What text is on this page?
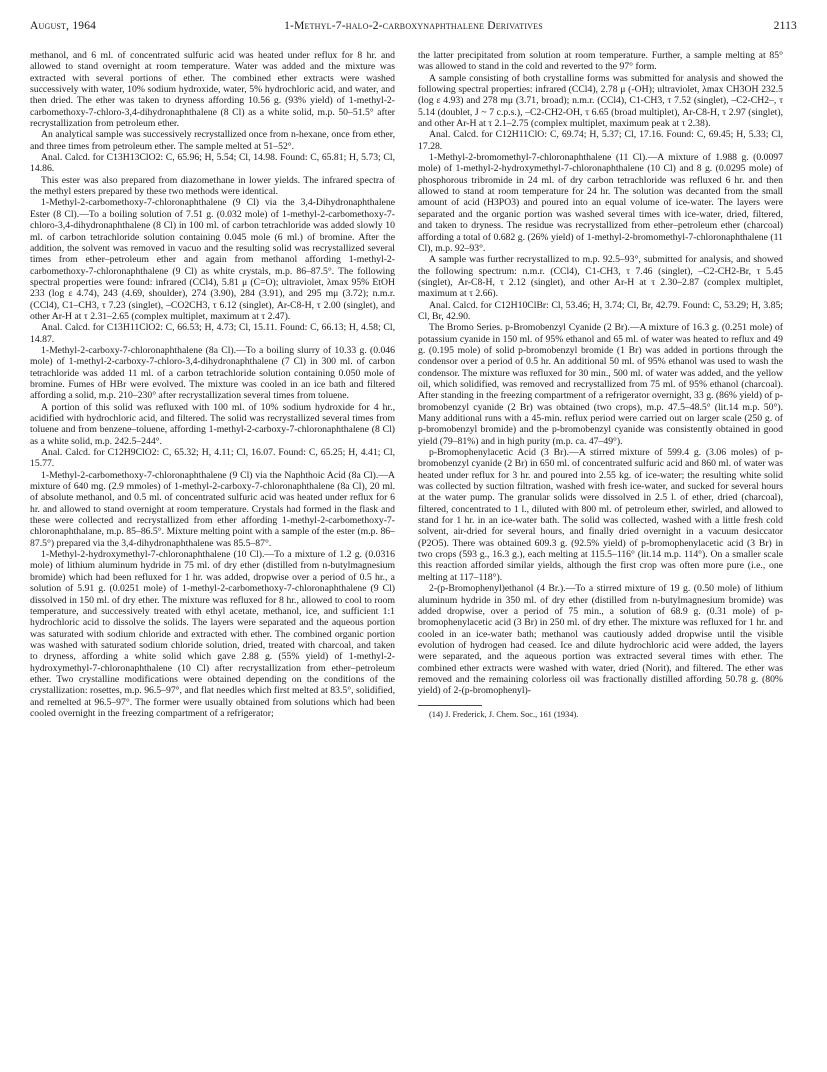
August, 1964	1-Methyl-7-halo-2-carboxynaphthalene Derivatives	2113

methanol, and 6 ml. of concentrated sulfuric acid was heated under reflux for 8 hr. and allowed to stand overnight at room temperature. Water was added and the mixture was extracted with several portions of ether. The combined ether extracts were washed successively with water, 10% sodium hydroxide, water, 5% hydrochloric acid, and water, and then dried. The ether was taken to dryness affording 10.56 g. (93% yield) of 1-methyl-2-carbomethoxy-7-chloro-3,4-dihydronaphthalene (8 Cl) as a white solid, m.p. 50–51.5° after recrystallization from petroleum ether.

An analytical sample was successively recrystallized once from n-hexane, once from ether, and three times from petroleum ether. The sample melted at 51–52°.

Anal. Calcd. for C13H13ClO2: C, 65.96; H, 5.54; Cl, 14.98. Found: C, 65.81; H, 5.73; Cl, 14.86.

This ester was also prepared from diazomethane in lower yields. The infrared spectra of the methyl esters prepared by these two methods were identical.

1-Methyl-2-carbomethoxy-7-chloronaphthalene (9 Cl) via the 3,4-Dihydronaphthalene Ester (8 Cl).—To a boiling solution of 7.51 g. (0.032 mole) of 1-methyl-2-carbomethoxy-7-chloro-3,4-dihydronaphthalene (8 Cl) in 100 ml. of carbon tetrachloride was added slowly 10 ml. of carbon tetrachloride solution containing 0.045 mole (6 ml.) of bromine. After the addition, the solvent was removed in vacuo and the resulting solid was recrystallized several times from ether–petroleum ether and again from methanol affording 1-methyl-2-carbomethoxy-7-chloronaphthalene (9 Cl) as white crystals, m.p. 86–87.5°. The following spectral properties were found: infrared (CCl4), 5.81 μ (C=O); ultraviolet, λmax 95% EtOH 233 (log ε 4.74), 243 (4.69, shoulder), 274 (3.90), 284 (3.91), and 295 mμ (3.72); n.m.r. (CCl4), C1–CH3, τ 7.23 (singlet), –CO2CH3, τ 6.12 (singlet), Ar-C8-H, τ 2.00 (singlet), and other Ar-H at τ 2.31–2.65 (complex multiplet, maximum at τ 2.47).

Anal. Calcd. for C13H11ClO2: C, 66.53; H, 4.73; Cl, 15.11. Found: C, 66.13; H, 4.58; Cl, 14.87.

1-Methyl-2-carboxy-7-chloronaphthalene (8a Cl).—To a boiling slurry of 10.33 g. (0.046 mole) of 1-methyl-2-carboxy-7-chloro-3,4-dihydronaphthalene (7 Cl) in 300 ml. of carbon tetrachloride was added 11 ml. of a carbon tetrachloride solution containing 0.050 mole of bromine. Fumes of HBr were evolved. The mixture was cooled in an ice bath and filtered affording a solid, m.p. 210–230° after recrystallization several times from toluene.

A portion of this solid was refluxed with 100 ml. of 10% sodium hydroxide for 4 hr., acidified with hydrochloric acid, and filtered. The solid was recrystallized several times from toluene and from benzene–toluene, affording 1-methyl-2-carboxy-7-chloronaphthalene (8 Cl) as a white solid, m.p. 242.5–244°.

Anal. Calcd. for C12H9ClO2: C, 65.32; H, 4.11; Cl, 16.07. Found: C, 65.25; H, 4.41; Cl, 15.77.

1-Methyl-2-carbomethoxy-7-chloronaphthalene (9 Cl) via the Naphthoic Acid (8a Cl).—A mixture of 640 mg. (2.9 mmoles) of 1-methyl-2-carboxy-7-chloronaphthalene (8a Cl), 20 ml. of absolute methanol, and 0.5 ml. of concentrated sulfuric acid was heated under reflux for 6 hr. and allowed to stand overnight at room temperature. Crystals had formed in the flask and these were collected and recrystallized from ether affording 1-methyl-2-carbomethoxy-7-chloronaphthalane, m.p. 85–86.5°. Mixture melting point with a sample of the ester (m.p. 86–87.5°) prepared via the 3,4-dihydronaphthalene was 85.5–87°.

1-Methyl-2-hydroxymethyl-7-chloronaphthalene (10 Cl).—To a mixture of 1.2 g. (0.0316 mole) of lithium aluminum hydride in 75 ml. of dry ether (distilled from n-butylmagnesium bromide) which had been refluxed for 1 hr. was added, dropwise over a period of 0.5 hr., a solution of 5.91 g. (0.0251 mole) of 1-methyl-2-carbomethoxy-7-chloronaphthalene (9 Cl) dissolved in 150 ml. of dry ether. The mixture was refluxed for 8 hr., allowed to cool to room temperature, and successively treated with ethyl acetate, methanol, ice, and sufficient 1:1 hydrochloric acid to dissolve the solids. The layers were separated and the aqueous portion was saturated with sodium chloride and extracted with ether. The combined organic portion was washed with saturated sodium chloride solution, dried, treated with charcoal, and taken to dryness, affording a white solid which gave 2.88 g. (55% yield) of 1-methyl-2-hydroxymethyl-7-chloronaphthalene (10 Cl) after recrystallization from ether–petroleum ether. Two crystalline modifications were obtained depending on the conditions of the crystallization: rosettes, m.p. 96.5–97°, and flat needles which first melted at 83.5°, solidified, and remelted at 96.5–97°. The former were usually obtained from solutions which had been cooled overnight in the freezing compartment of a refrigerator;

the latter precipitated from solution at room temperature. Further, a sample melting at 85° was allowed to stand in the cold and reverted to the 97° form.

A sample consisting of both crystalline forms was submitted for analysis and showed the following spectral properties: infrared (CCl4), 2.78 μ (-OH); ultraviolet, λmax CH3OH 232.5 (log ε 4.93) and 278 mμ (3.71, broad); n.m.r. (CCl4), C1-CH3, τ 7.52 (singlet), –C2-CH2–, τ 5.14 (doublet, J ~ 7 c.p.s.), –C2-CH2-OH, τ 6.65 (broad multiplet), Ar-C8-H, τ 2.97 (singlet), and other Ar-H at τ 2.1–2.75 (complex multiplet, maximum peak at τ 2.38).

Anal. Calcd. for C12H11ClO: C, 69.74; H, 5.37; Cl, 17.16. Found: C, 69.45; H, 5.33; Cl, 17.28.

1-Methyl-2-bromomethyl-7-chloronaphthalene (11 Cl).—A mixture of 1.988 g. (0.0097 mole) of 1-methyl-2-hydroxymethyl-7-chloronaphthalene (10 Cl) and 8 g. (0.0295 mole) of phosphorous tribromide in 24 ml. of dry carbon tetrachloride was refluxed 6 hr. and then allowed to stand at room temperature for 24 hr. The solution was decanted from the small amount of acid (H3PO3) and poured into an equal volume of ice-water. The layers were separated and the organic portion was washed several times with ice-water, dried, filtered, and taken to dryness. The residue was recrystallized from ether–petroleum ether (charcoal) affording a total of 0.682 g. (26% yield) of 1-methyl-2-bromomethyl-7-chloronaphthalene (11 Cl), m.p. 92–93°.

A sample was further recrystallized to m.p. 92.5–93°, submitted for analysis, and showed the following spectrum: n.m.r. (CCl4), C1-CH3, τ 7.46 (singlet), –C2-CH2-Br, τ 5.45 (singlet), Ar-C8-H, τ 2.12 (singlet), and other Ar-H at τ 2.30–2.87 (complex multiplet, maximum at τ 2.66).

Anal. Calcd. for C12H10ClBr: Cl, 53.46; H, 3.74; Cl, Br, 42.79. Found: C, 53.29; H, 3.85; Cl, Br, 42.90.

The Bromo Series. p-Bromobenzyl Cyanide (2 Br).—A mixture of 16.3 g. (0.251 mole) of potassium cyanide in 150 ml. of 95% ethanol and 65 ml. of water was heated to reflux and 49 g. (0.195 mole) of solid p-bromobenzyl bromide (1 Br) was added in portions through the condensor over a period of 0.5 hr. An additional 50 ml. of 95% ethanol was used to wash the condensor. The mixture was refluxed for 30 min., 500 ml. of water was added, and the yellow oil, which solidified, was removed and recrystallized from 75 ml. of 95% ethanol (charcoal). After standing in the freezing compartment of a refrigerator overnight, 33 g. (86% yield) of p-bromobenzyl cyanide (2 Br) was obtained (two crops), m.p. 47.5–48.5° (lit.14 m.p. 50°). Many additional runs with a 45-min. reflux period were carried out on larger scale (250 g. of p-bromobenzyl bromide) and the p-bromobenzyl cyanide was consistently obtained in good yield (79–81%) and in high purity (m.p. ca. 47–49°).

p-Bromophenylacetic Acid (3 Br).—A stirred mixture of 599.4 g. (3.06 moles) of p-bromobenzyl cyanide (2 Br) in 650 ml. of concentrated sulfuric acid and 860 ml. of water was heated under reflux for 3 hr. and poured into 2.55 kg. of ice-water; the resulting white solid was collected by suction filtration, washed with fresh ice-water, and sucked for several hours at the water pump. The granular solids were dissolved in 2.5 l. of ether, dried (charcoal), filtered, concentrated to 1 l., diluted with 800 ml. of petroleum ether, swirled, and allowed to stand for 1 hr. in an ice-water bath. The solid was collected, washed with a little fresh cold solvent, air-dried for several hours, and finally dried overnight in a vacuum desiccator (P2O5). There was obtained 609.3 g. (92.5% yield) of p-bromophenylacetic acid (3 Br) in two crops (593 g., 16.3 g.), each melting at 115.5–116° (lit.14 m.p. 114°). On a smaller scale this reaction afforded similar yields, although the first crop was often more pure (i.e., one melting at 117–118°).

2-(p-Bromophenyl)ethanol (4 Br.).—To a stirred mixture of 19 g. (0.50 mole) of lithium aluminum hydride in 350 ml. of dry ether (distilled from n-butylmagnesium bromide) was added dropwise, over a period of 75 min., a solution of 68.9 g. (0.31 mole) of p-bromophenylacetic acid (3 Br) in 250 ml. of dry ether. The mixture was refluxed for 1 hr. and cooled in an ice-water bath; methanol was cautiously added dropwise until the visible evolution of hydrogen had ceased. Ice and dilute hydrochloric acid were added, the layers were separated, and the aqueous portion was extracted several times with ether. The combined ether extracts were washed with water, dried (Norit), and filtered. The ether was removed and the remaining colorless oil was fractionally distilled affording 50.78 g. (80% yield) of 2-(p-bromophenyl)-

(14) J. Frederick, J. Chem. Soc., 161 (1934).
